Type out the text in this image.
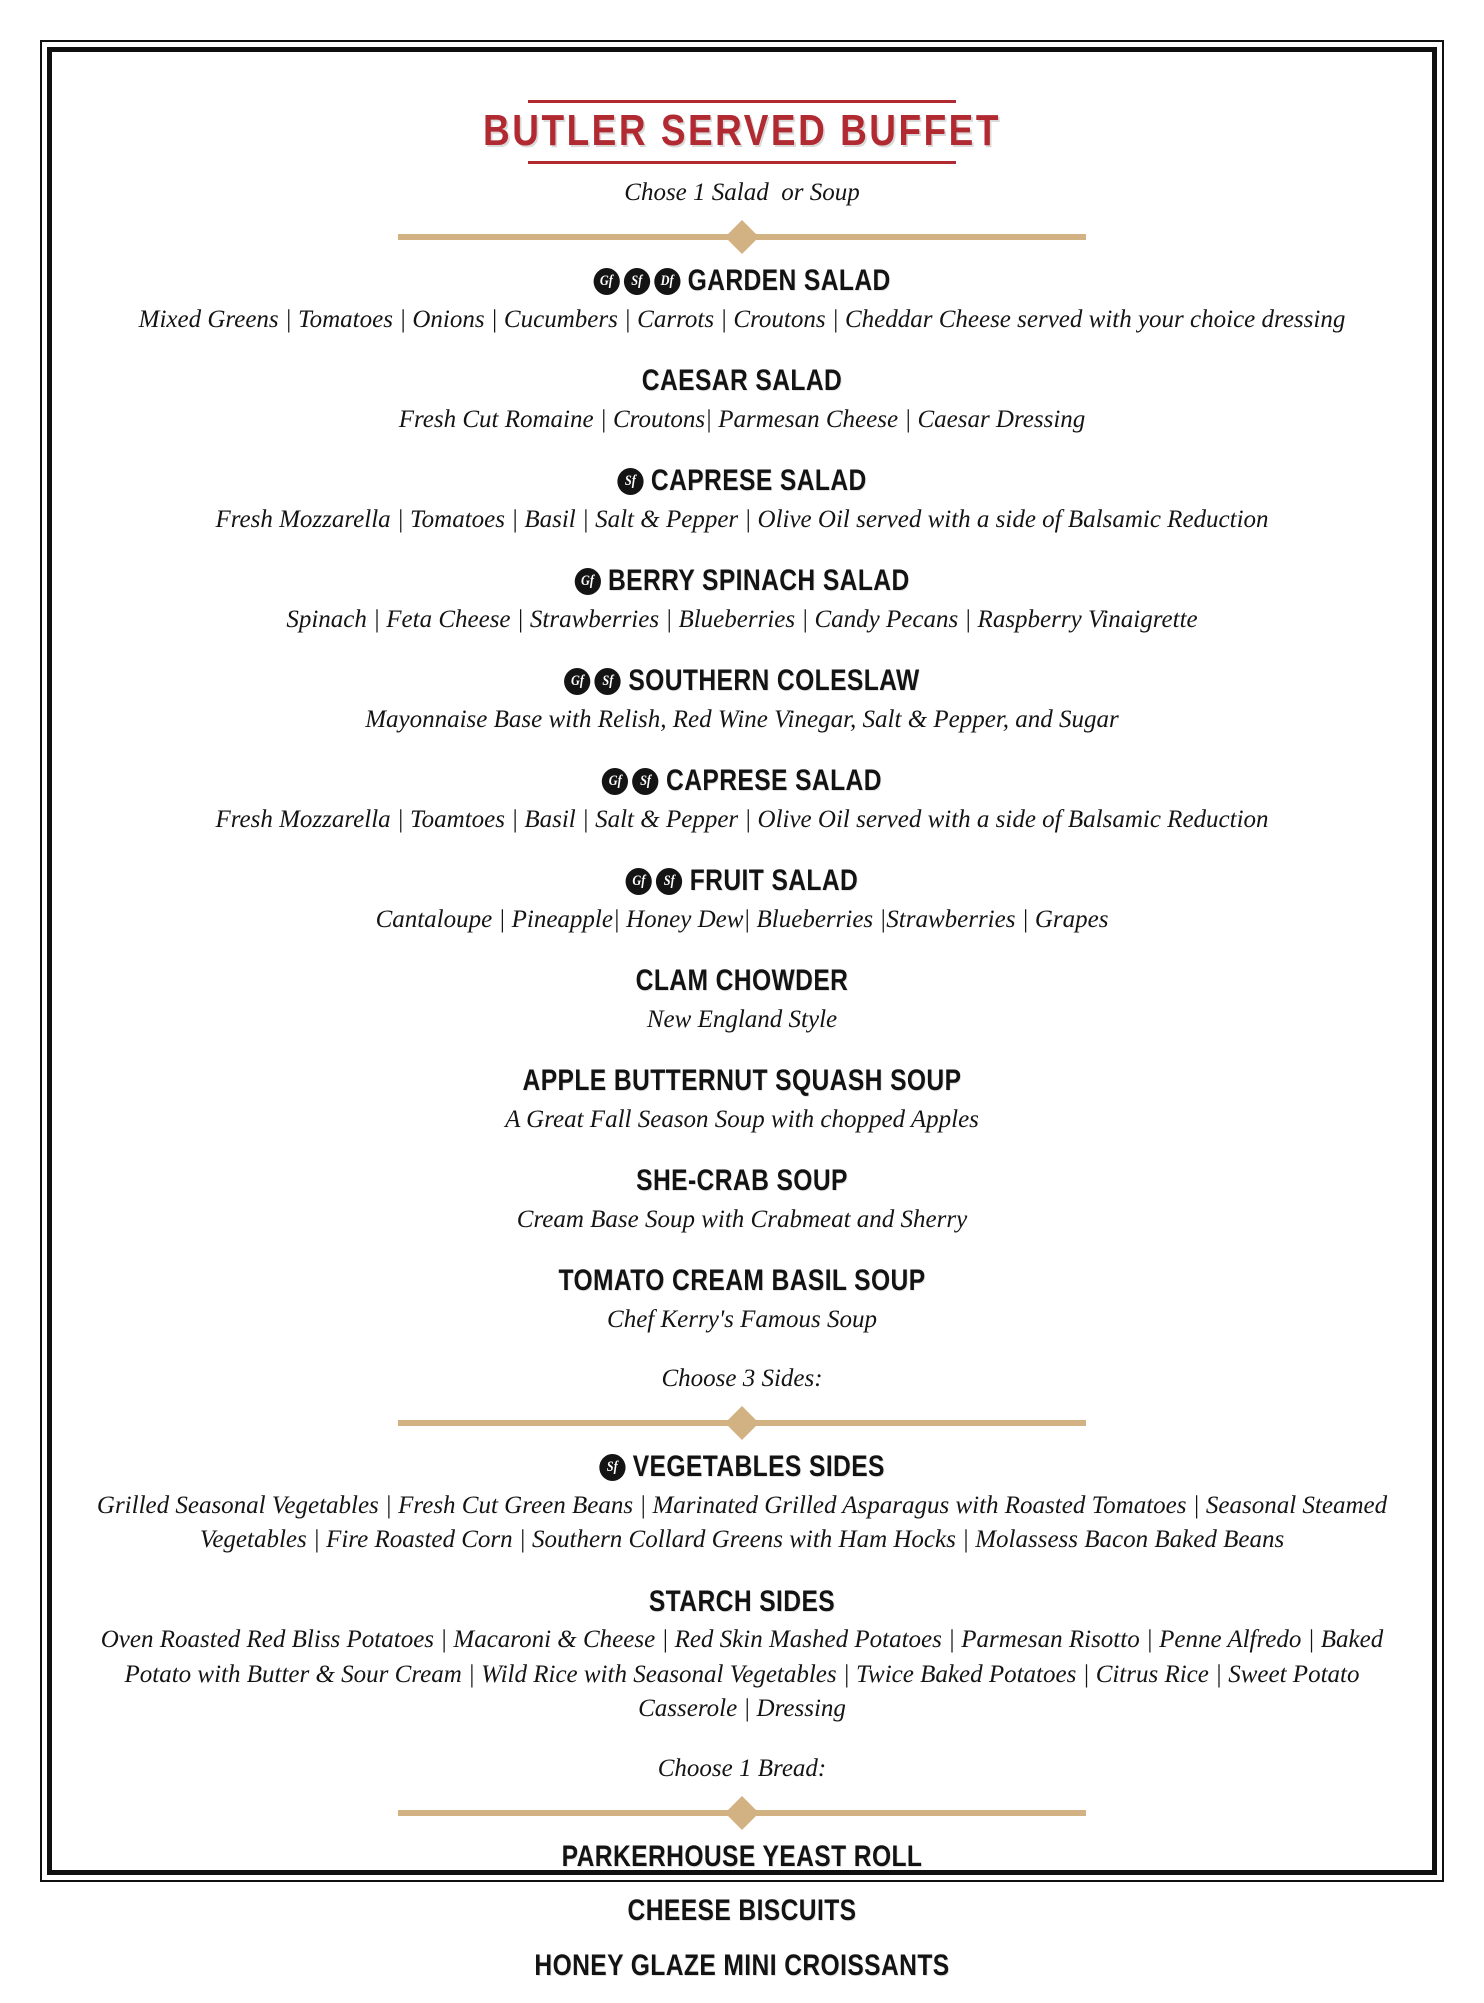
BUTLER SERVED BUFFET
Chose 1 Salad  or Soup
Gf	Sf	Df GARDEN SALAD
Mixed Greens | Tomatoes | Onions | Cucumbers | Carrots | Croutons | Cheddar Cheese served with your choice dressing
CAESAR SALAD
Fresh Cut Romaine | Croutons| Parmesan Cheese | Caesar Dressing
Sf CAPRESE SALAD
Fresh Mozzarella | Tomatoes | Basil | Salt & Pepper | Olive Oil served with a side of Balsamic Reduction
Gf BERRY SPINACH SALAD
Spinach | Feta Cheese | Strawberries | Blueberries | Candy Pecans | Raspberry Vinaigrette
Gf	Sf SOUTHERN COLESLAW
Mayonnaise Base with Relish, Red Wine Vinegar, Salt & Pepper, and Sugar
Gf	Sf CAPRESE SALAD
Fresh Mozzarella | Toamtoes | Basil | Salt & Pepper | Olive Oil served with a side of Balsamic Reduction
Gf	Sf FRUIT SALAD
Cantaloupe | Pineapple| Honey Dew| Blueberries |Strawberries | Grapes
CLAM CHOWDER
New England Style
APPLE BUTTERNUT SQUASH SOUP
A Great Fall Season Soup with chopped Apples
SHE-CRAB SOUP
Cream Base Soup with Crabmeat and Sherry
TOMATO CREAM BASIL SOUP
Chef Kerry's Famous Soup
Choose 3 Sides:
Sf VEGETABLES SIDES
Grilled Seasonal Vegetables | Fresh Cut Green Beans | Marinated Grilled Asparagus with Roasted Tomatoes | Seasonal Steamed Vegetables | Fire Roasted Corn | Southern Collard Greens with Ham Hocks | Molassess Bacon Baked Beans
STARCH SIDES
Oven Roasted Red Bliss Potatoes | Macaroni & Cheese | Red Skin Mashed Potatoes | Parmesan Risotto | Penne Alfredo | Baked Potato with Butter & Sour Cream | Wild Rice with Seasonal Vegetables | Twice Baked Potatoes | Citrus Rice | Sweet Potato Casserole | Dressing
Choose 1 Bread:
PARKERHOUSE YEAST ROLL
CHEESE BISCUITS
HONEY GLAZE MINI CROISSANTS
